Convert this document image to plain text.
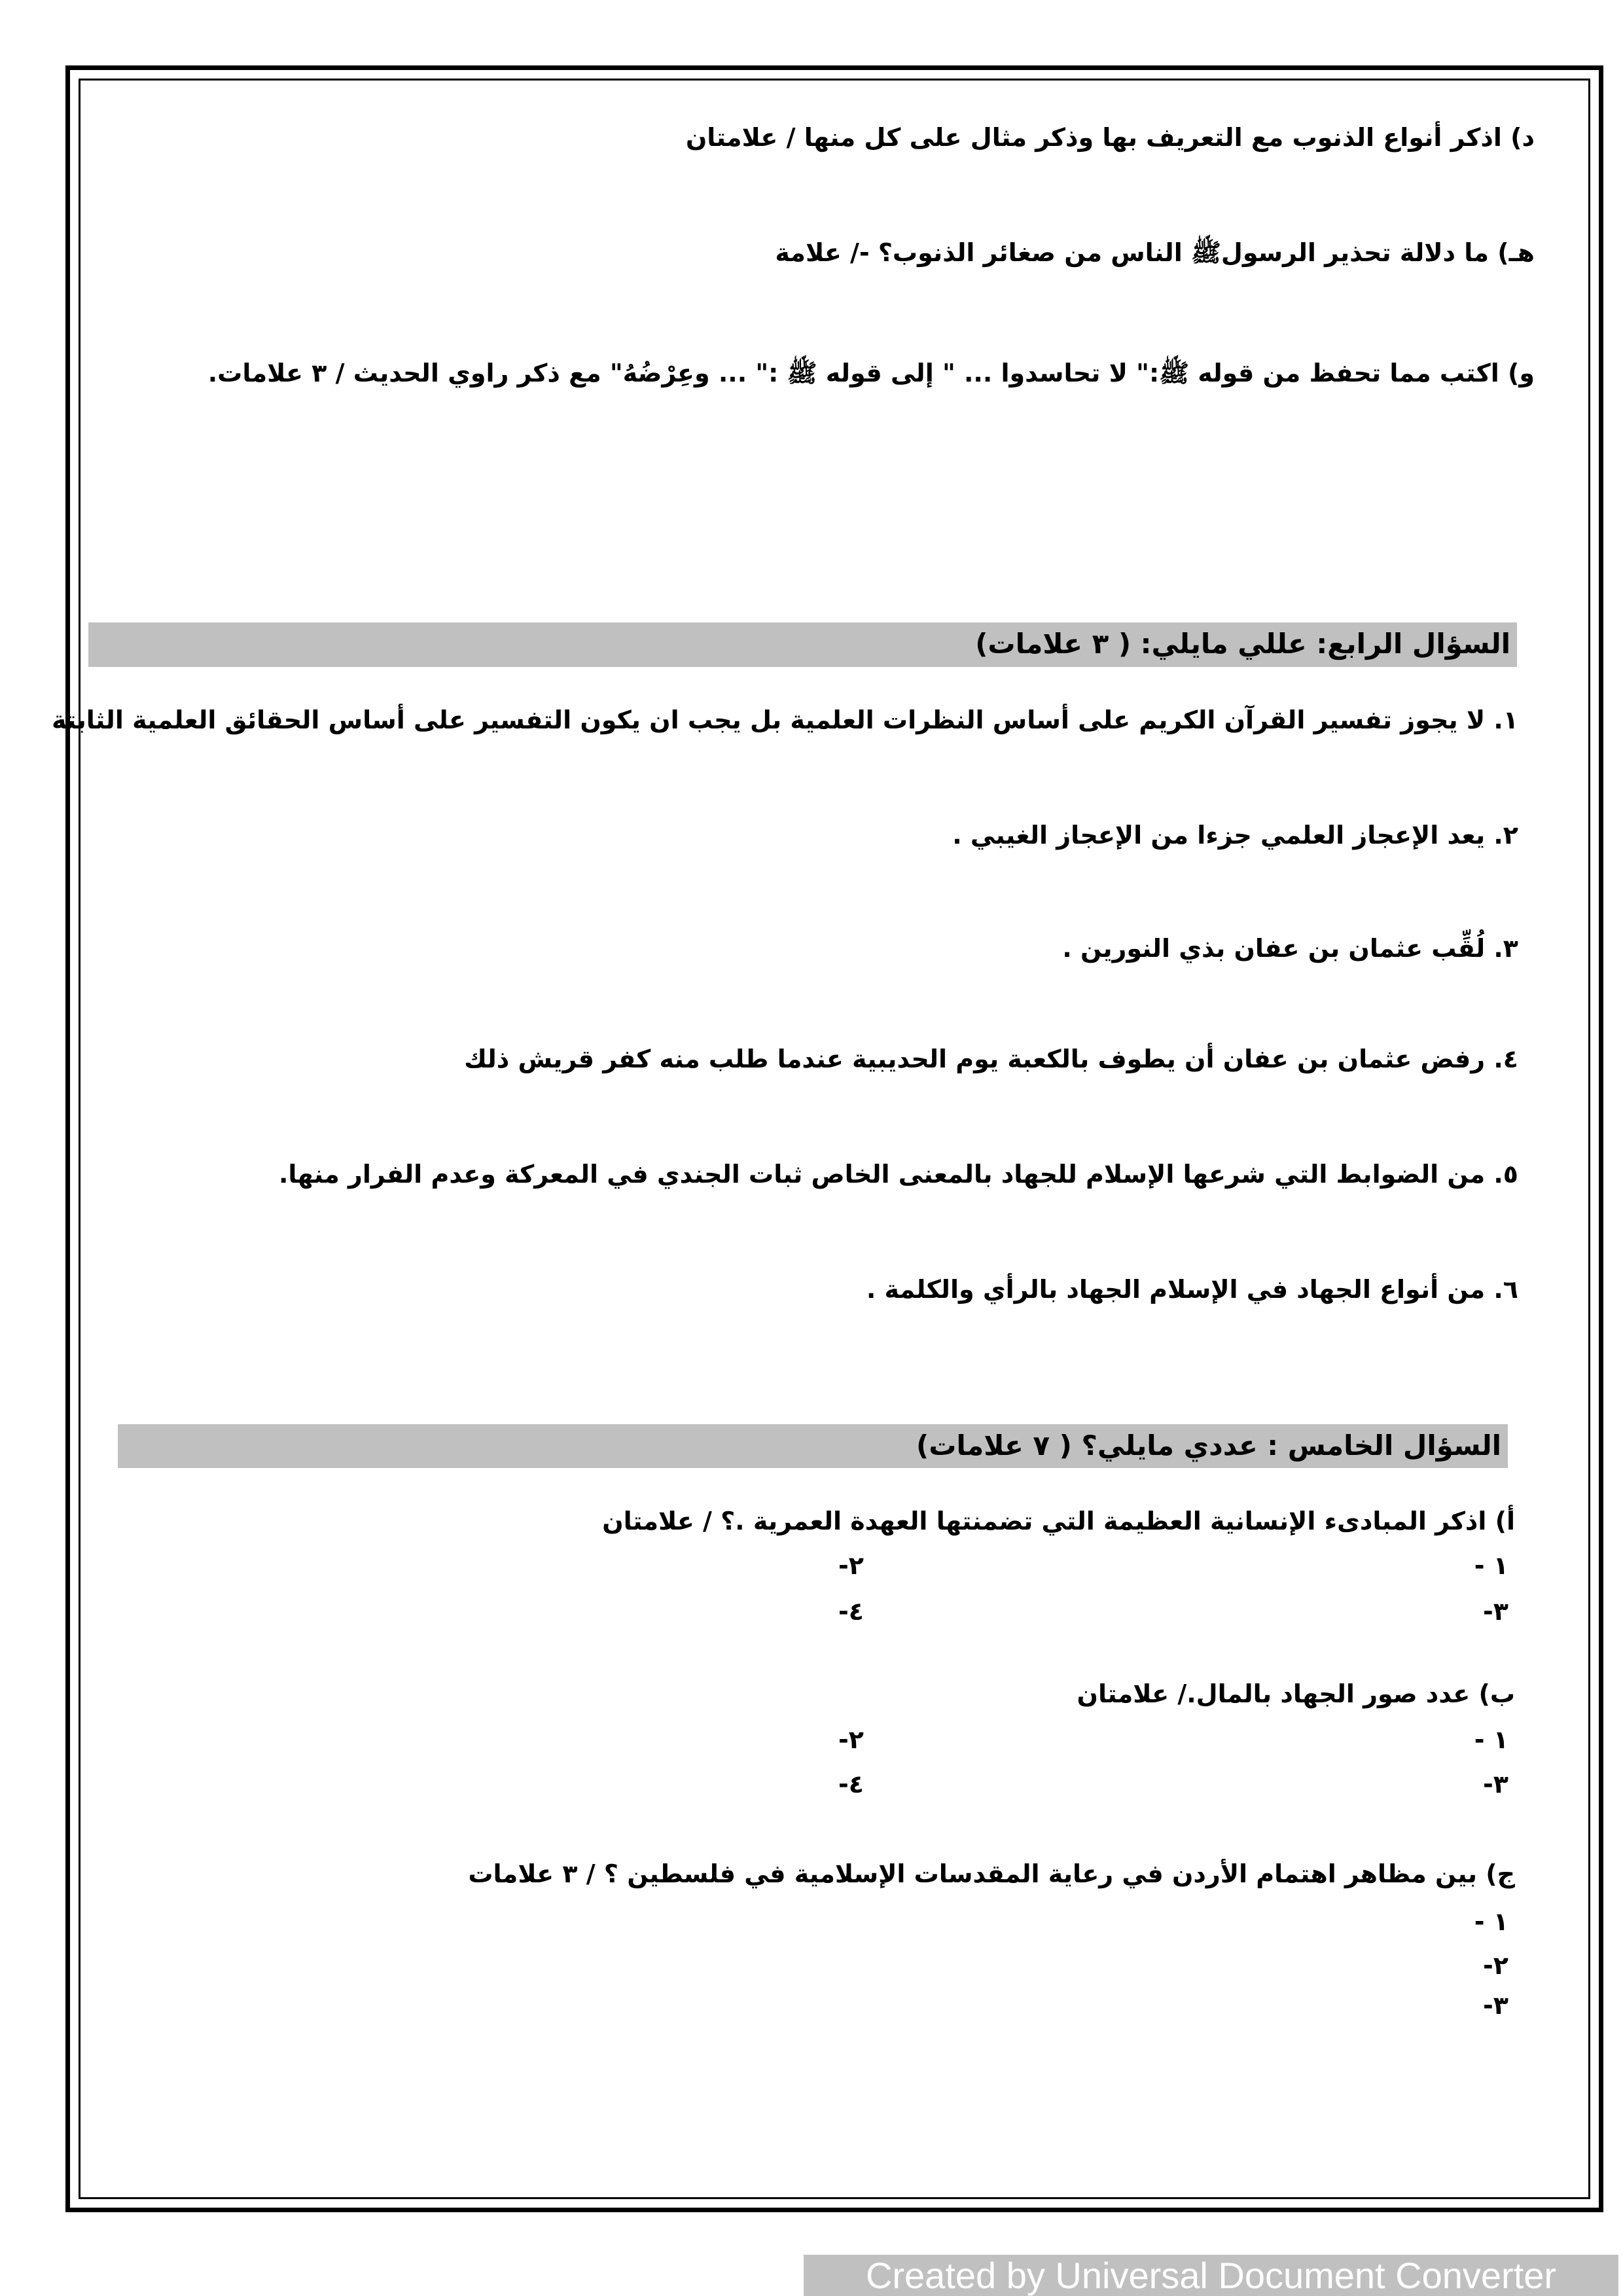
د) اذكر أنواع الذنوب مع التعريف بها وذكر مثال على كل منها / علامتان
هـ) ما دلالة تحذير الرسولﷺ الناس من صغائر الذنوب؟ -/ علامة
و) اكتب مما تحفظ من قوله ﷺ:" لا تحاسدوا ... " إلى قوله ﷺ :" ... وعِرْضُهُ" مع ذكر راوي الحديث / ٣ علامات.
السؤال الرابع: عللي مايلي: ( ٣ علامات)
١. لا يجوز تفسير القرآن الكريم على أساس النظرات العلمية بل يجب ان يكون التفسير على أساس الحقائق العلمية الثابتة
٢. يعد الإعجاز العلمي جزءا من الإعجاز الغيبي .
٣. لُقِّب عثمان بن عفان بذي النورين .
٤. رفض عثمان بن عفان أن يطوف بالكعبة يوم الحديبية عندما طلب منه كفر قريش ذلك
٥. من الضوابط التي شرعها الإسلام للجهاد بالمعنى الخاص ثبات الجندي في المعركة وعدم الفرار منها.
٦. من أنواع الجهاد في الإسلام الجهاد بالرأي والكلمة .
السؤال الخامس : عددي مايلي؟ ( ٧ علامات)
أ) اذكر المبادىء الإنسانية العظيمة التي تضمنتها العهدة العمرية .؟ / علامتان
١ -
٢-
٣-
٤-
ب) عدد صور الجهاد بالمال./ علامتان
١ -
٢-
٣-
٤-
ج) بين مظاهر اهتمام الأردن في رعاية المقدسات الإسلامية في فلسطين ؟ / ٣ علامات
١ -
٢-
٣-
Created by Universal Document Converter
